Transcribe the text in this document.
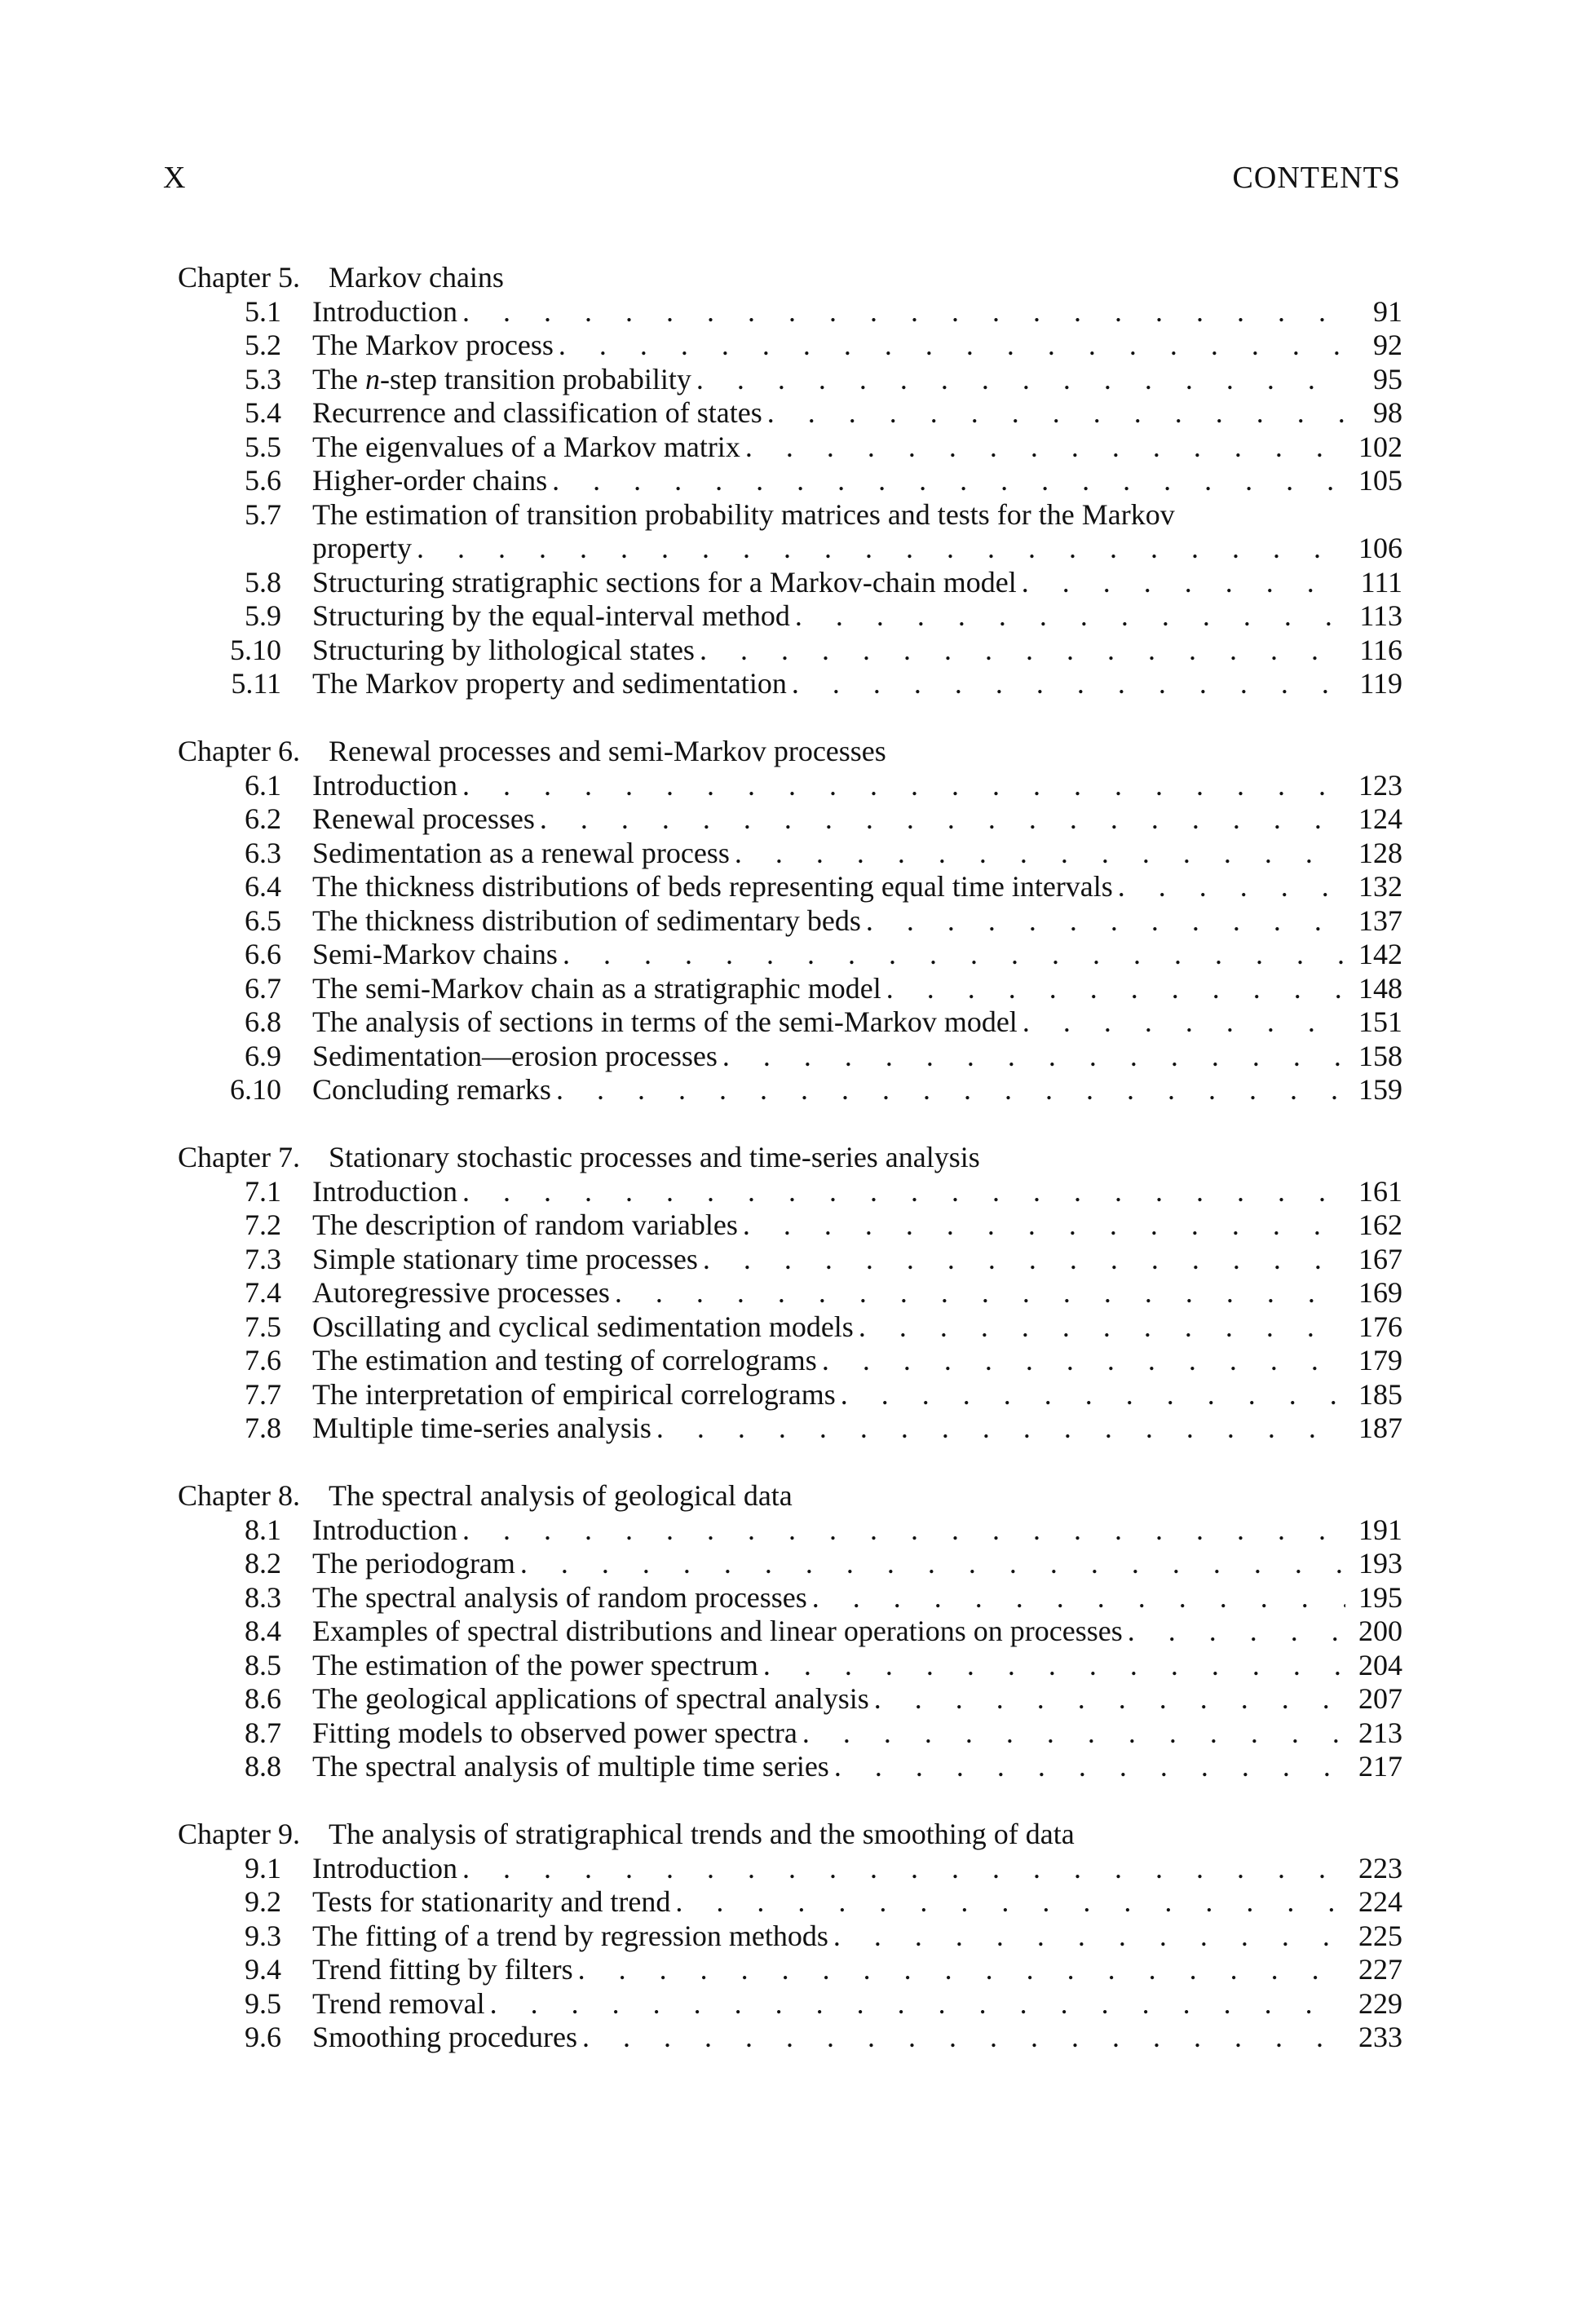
X	CONTENTS
Chapter 5. Markov chains
5.1	Introduction . . .	91
5.2	The Markov process . . .	92
5.3	The n-step transition probability . . .	95
5.4	Recurrence and classification of states . . .	98
5.5	The eigenvalues of a Markov matrix . . .	102
5.6	Higher-order chains . . .	105
5.7	The estimation of transition probability matrices and tests for the Markov
property . . .	106
5.8	Structuring stratigraphic sections for a Markov-chain model . . .	111
5.9	Structuring by the equal-interval method . . .	113
5.10	Structuring by lithological states . . .	116
5.11	The Markov property and sedimentation . . .	119
Chapter 6. Renewal processes and semi-Markov processes
6.1	Introduction . . .	123
6.2	Renewal processes . . .	124
6.3	Sedimentation as a renewal process . . .	128
6.4	The thickness distributions of beds representing equal time intervals . . .	132
6.5	The thickness distribution of sedimentary beds . . .	137
6.6	Semi-Markov chains . . .	142
6.7	The semi-Markov chain as a stratigraphic model . . .	148
6.8	The analysis of sections in terms of the semi-Markov model . . .	151
6.9	Sedimentation—erosion processes . . .	158
6.10	Concluding remarks . . .	159
Chapter 7. Stationary stochastic processes and time-series analysis
7.1	Introduction . . .	161
7.2	The description of random variables . . .	162
7.3	Simple stationary time processes . . .	167
7.4	Autoregressive processes . . .	169
7.5	Oscillating and cyclical sedimentation models . . .	176
7.6	The estimation and testing of correlograms . . .	179
7.7	The interpretation of empirical correlograms . . .	185
7.8	Multiple time-series analysis . . .	187
Chapter 8. The spectral analysis of geological data
8.1	Introduction . . .	191
8.2	The periodogram . . .	193
8.3	The spectral analysis of random processes . . .	195
8.4	Examples of spectral distributions and linear operations on processes . . .	200
8.5	The estimation of the power spectrum . . .	204
8.6	The geological applications of spectral analysis . . .	207
8.7	Fitting models to observed power spectra . . .	213
8.8	The spectral analysis of multiple time series . . .	217
Chapter 9. The analysis of stratigraphical trends and the smoothing of data
9.1	Introduction . . .	223
9.2	Tests for stationarity and trend . . .	224
9.3	The fitting of a trend by regression methods . . .	225
9.4	Trend fitting by filters . . .	227
9.5	Trend removal . . .	229
9.6	Smoothing procedures . . .	233
